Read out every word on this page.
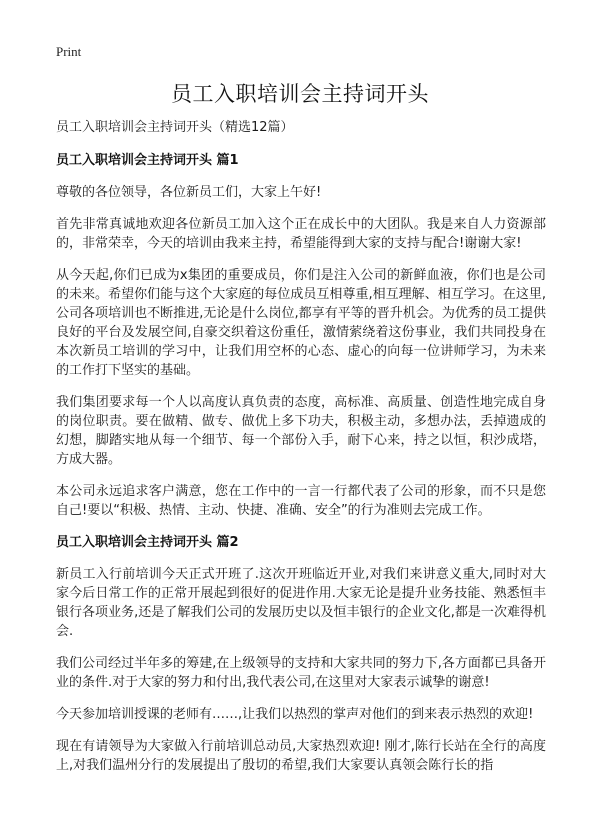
Print
员工入职培训会主持词开头

员工入职培训会主持词开头（精选12篇）

员工入职培训会主持词开头 篇1

尊敬的各位领导，各位新员工们，大家上午好!

首先非常真诚地欢迎各位新员工加入这个正在成长中的大团队。我是来自人力资源部的，非常荣幸，今天的培训由我来主持，希望能得到大家的支持与配合!谢谢大家!

从今天起,你们已成为x集团的重要成员，你们是注入公司的新鲜血液，你们也是公司的未来。希望你们能与这个大家庭的每位成员互相尊重,相互理解、相互学习。在这里,公司各项培训也不断推进,无论是什么岗位,都享有平等的晋升机会。为优秀的员工提供良好的平台及发展空间,自豪交织着这份重任，激情萦绕着这份事业，我们共同投身在本次新员工培训的学习中，让我们用空杯的心态、虚心的向每一位讲师学习，为未来的工作打下坚实的基础。

我们集团要求每一个人以高度认真负责的态度，高标准、高质量、创造性地完成自身的岗位职责。要在做精、做专、做优上多下功夫，积极主动，多想办法，丢掉遗成的幻想，脚踏实地从每一个细节、每一个部份入手，耐下心来，持之以恒，积沙成塔，方成大器。

本公司永远追求客户满意，您在工作中的一言一行都代表了公司的形象，而不只是您自己!要以“积极、热情、主动、快捷、准确、安全”的行为准则去完成工作。

员工入职培训会主持词开头 篇2

新员工入行前培训今天正式开班了.这次开班临近开业,对我们来讲意义重大,同时对大家今后日常工作的正常开展起到很好的促进作用.大家无论是提升业务技能、熟悉恒丰银行各项业务,还是了解我们公司的发展历史以及恒丰银行的企业文化,都是一次难得机会.

我们公司经过半年多的筹建,在上级领导的支持和大家共同的努力下,各方面都已具备开业的条件.对于大家的努力和付出,我代表公司,在这里对大家表示诚挚的谢意!

今天参加培训授课的老师有……,让我们以热烈的掌声对他们的到来表示热烈的欢迎!

现在有请领导为大家做入行前培训总动员,大家热烈欢迎! 刚才,陈行长站在全行的高度上,对我们温州分行的发展提出了殷切的希望,我们大家要认真领会陈行长的指
